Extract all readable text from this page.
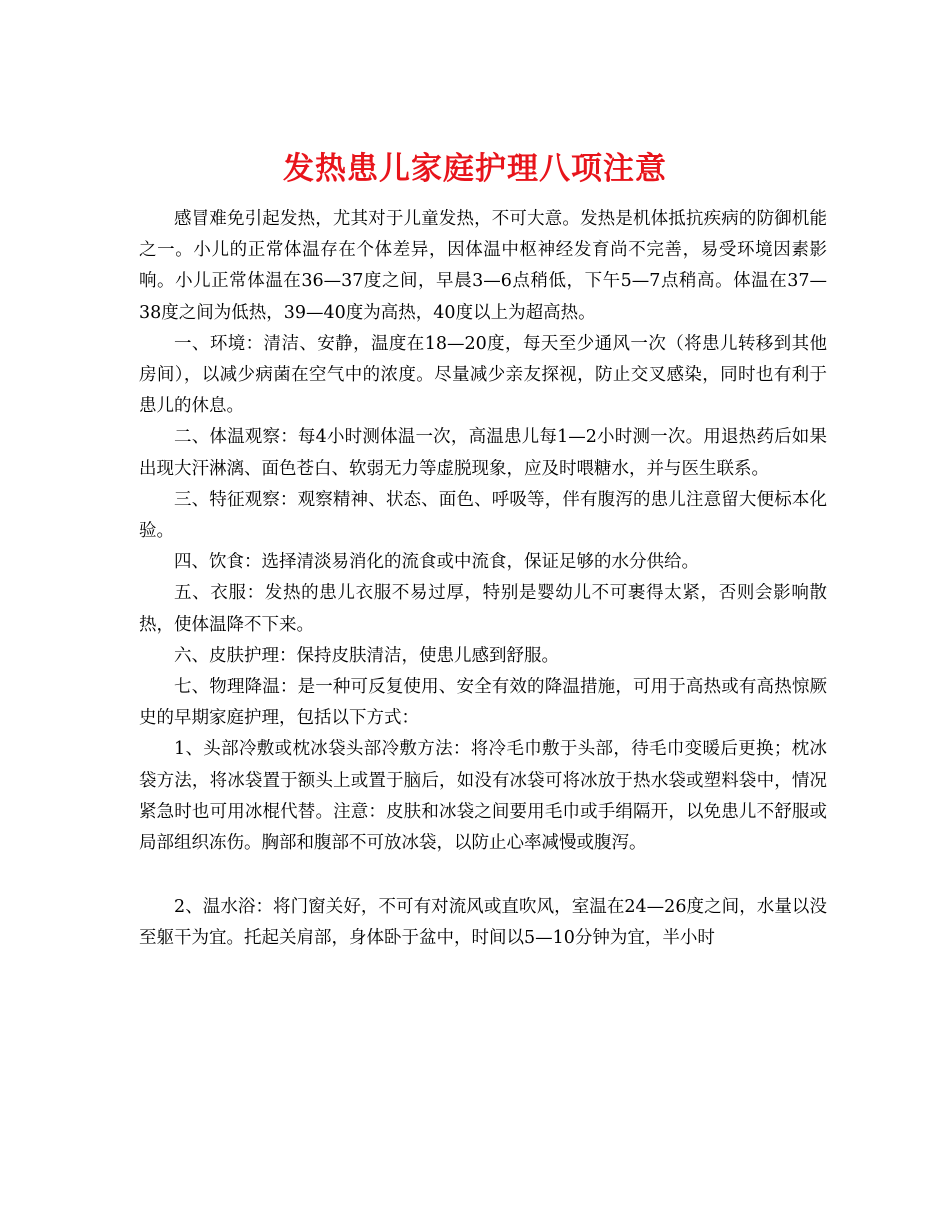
发热患儿家庭护理八项注意

感冒难免引起发热，尤其对于儿童发热，不可大意。发热是机体抵抗疾病的防御机能之一。小儿的正常体温存在个体差异，因体温中枢神经发育尚不完善，易受环境因素影响。小儿正常体温在36—37度之间，早晨3—6点稍低，下午5—7点稍高。体温在37—38度之间为低热，39—40度为高热，40度以上为超高热。

一、环境：清洁、安静，温度在18—20度，每天至少通风一次（将患儿转移到其他房间），以减少病菌在空气中的浓度。尽量减少亲友探视，防止交叉感染，同时也有利于患儿的休息。

二、体温观察：每4小时测体温一次，高温患儿每1—2小时测一次。用退热药后如果出现大汗淋漓、面色苍白、软弱无力等虚脱现象，应及时喂糖水，并与医生联系。

三、特征观察：观察精神、状态、面色、呼吸等，伴有腹泻的患儿注意留大便标本化验。

四、饮食：选择清淡易消化的流食或中流食，保证足够的水分供给。

五、衣服：发热的患儿衣服不易过厚，特别是婴幼儿不可裹得太紧，否则会影响散热，使体温降不下来。

六、皮肤护理：保持皮肤清洁，使患儿感到舒服。

七、物理降温：是一种可反复使用、安全有效的降温措施，可用于高热或有高热惊厥史的早期家庭护理，包括以下方式：

1、头部冷敷或枕冰袋头部冷敷方法：将冷毛巾敷于头部，待毛巾变暖后更换；枕冰袋方法，将冰袋置于额头上或置于脑后，如没有冰袋可将冰放于热水袋或塑料袋中，情况紧急时也可用冰棍代替。注意：皮肤和冰袋之间要用毛巾或手绢隔开，以免患儿不舒服或局部组织冻伤。胸部和腹部不可放冰袋，以防止心率减慢或腹泻。

2、温水浴：将门窗关好，不可有对流风或直吹风，室温在24—26度之间，水量以没至躯干为宜。托起关肩部，身体卧于盆中，时间以5—10分钟为宜，半小时
